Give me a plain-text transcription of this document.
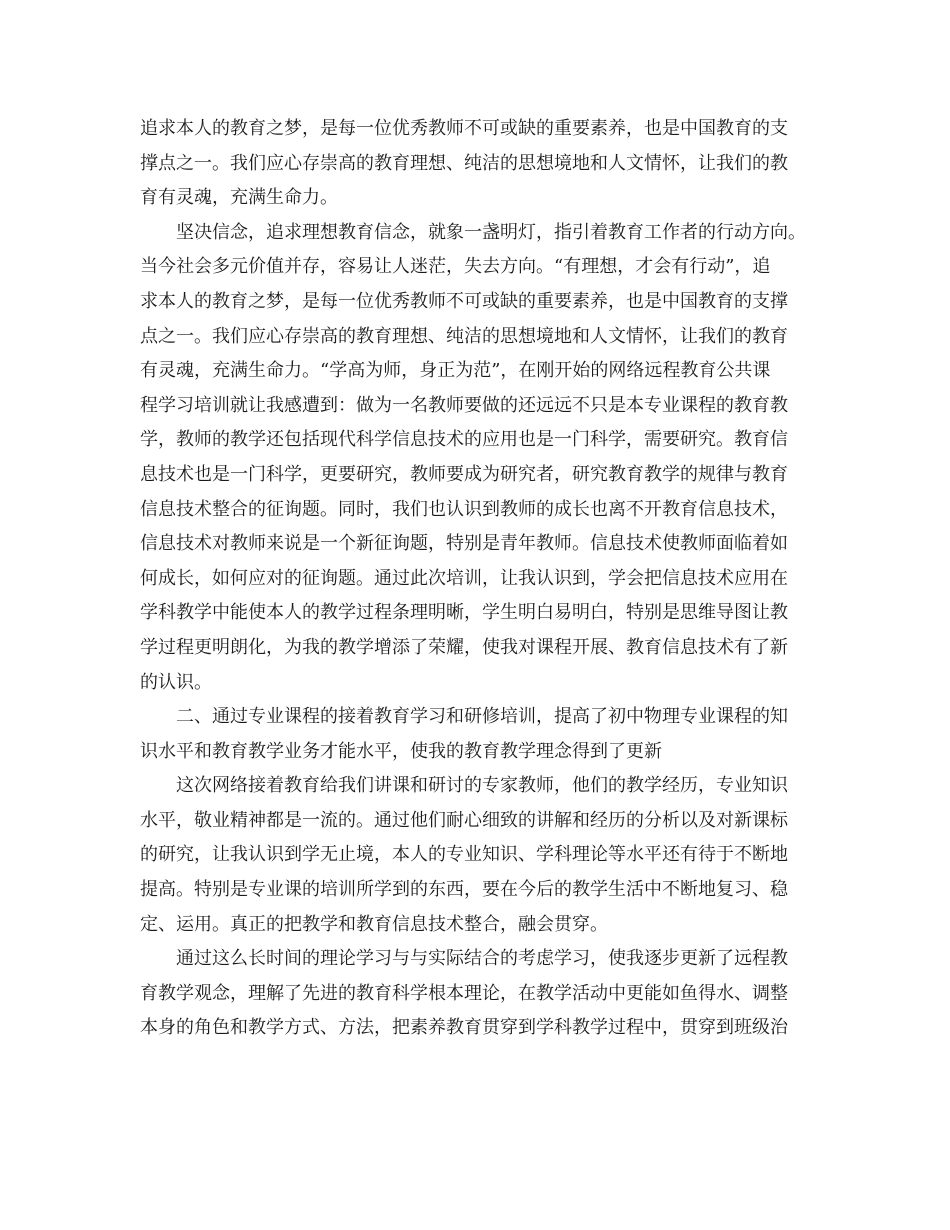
追求本人的教育之梦，是每一位优秀教师不可或缺的重要素养，也是中国教育的支
撑点之一。我们应心存崇高的教育理想、纯洁的思想境地和人文情怀，让我们的教
育有灵魂，充满生命力。
坚决信念，追求理想教育信念，就象一盏明灯，指引着教育工作者的行动方向。
当今社会多元价值并存，容易让人迷茫，失去方向。“有理想，才会有行动”，追
求本人的教育之梦，是每一位优秀教师不可或缺的重要素养，也是中国教育的支撑
点之一。我们应心存崇高的教育理想、纯洁的思想境地和人文情怀，让我们的教育
有灵魂，充满生命力。“学高为师，身正为范”，在刚开始的网络远程教育公共课
程学习培训就让我感遭到：做为一名教师要做的还远远不只是本专业课程的教育教
学，教师的教学还包括现代科学信息技术的应用也是一门科学，需要研究。教育信
息技术也是一门科学，更要研究，教师要成为研究者，研究教育教学的规律与教育
信息技术整合的征询题。同时，我们也认识到教师的成长也离不开教育信息技术，
信息技术对教师来说是一个新征询题，特别是青年教师。信息技术使教师面临着如
何成长，如何应对的征询题。通过此次培训，让我认识到，学会把信息技术应用在
学科教学中能使本人的教学过程条理明晰，学生明白易明白，特别是思维导图让教
学过程更明朗化，为我的教学增添了荣耀，使我对课程开展、教育信息技术有了新
的认识。
二、通过专业课程的接着教育学习和研修培训，提高了初中物理专业课程的知
识水平和教育教学业务才能水平，使我的教育教学理念得到了更新
这次网络接着教育给我们讲课和研讨的专家教师，他们的教学经历，专业知识
水平，敬业精神都是一流的。通过他们耐心细致的讲解和经历的分析以及对新课标
的研究，让我认识到学无止境，本人的专业知识、学科理论等水平还有待于不断地
提高。特别是专业课的培训所学到的东西，要在今后的教学生活中不断地复习、稳
定、运用。真正的把教学和教育信息技术整合，融会贯穿。
通过这么长时间的理论学习与与实际结合的考虑学习，使我逐步更新了远程教
育教学观念，理解了先进的教育科学根本理论，在教学活动中更能如鱼得水、调整
本身的角色和教学方式、方法，把素养教育贯穿到学科教学过程中，贯穿到班级治
